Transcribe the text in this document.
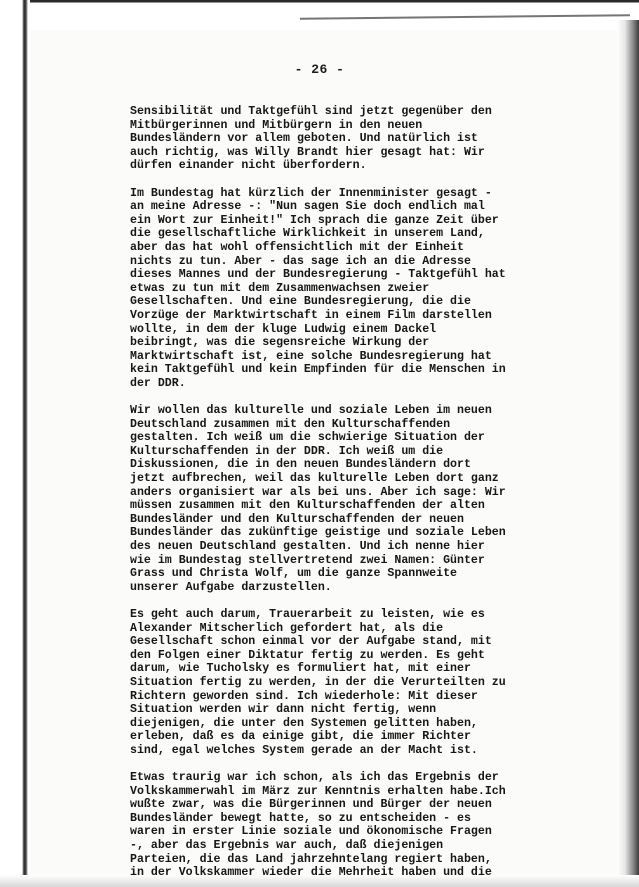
- 26 -
Sensibilität und Taktgefühl sind jetzt gegenüber den
Mitbürgerinnen und Mitbürgern in den neuen
Bundesländern vor allem geboten. Und natürlich ist
auch richtig, was Willy Brandt hier gesagt hat: Wir
dürfen einander nicht überfordern.
Im Bundestag hat kürzlich der Innenminister gesagt -
an meine Adresse -: "Nun sagen Sie doch endlich mal
ein Wort zur Einheit!" Ich sprach die ganze Zeit über
die gesellschaftliche Wirklichkeit in unserem Land,
aber das hat wohl offensichtlich mit der Einheit
nichts zu tun. Aber - das sage ich an die Adresse
dieses Mannes und der Bundesregierung - Taktgefühl hat
etwas zu tun mit dem Zusammenwachsen zweier
Gesellschaften. Und eine Bundesregierung, die die
Vorzüge der Marktwirtschaft in einem Film darstellen
wollte, in dem der kluge Ludwig einem Dackel
beibringt, was die segensreiche Wirkung der
Marktwirtschaft ist, eine solche Bundesregierung hat
kein Taktgefühl und kein Empfinden für die Menschen in
der DDR.
Wir wollen das kulturelle und soziale Leben im neuen
Deutschland zusammen mit den Kulturschaffenden
gestalten. Ich weiß um die schwierige Situation der
Kulturschaffenden in der DDR. Ich weiß um die
Diskussionen, die in den neuen Bundesländern dort
jetzt aufbrechen, weil das kulturelle Leben dort ganz
anders organisiert war als bei uns. Aber ich sage: Wir
müssen zusammen mit den Kulturschaffenden der alten
Bundesländer und den Kulturschaffenden der neuen
Bundesländer das zukünftige geistige und soziale Leben
des neuen Deutschland gestalten. Und ich nenne hier
wie im Bundestag stellvertretend zwei Namen: Günter
Grass und Christa Wolf, um die ganze Spannweite
unserer Aufgabe darzustellen.
Es geht auch darum, Trauerarbeit zu leisten, wie es
Alexander Mitscherlich gefordert hat, als die
Gesellschaft schon einmal vor der Aufgabe stand, mit
den Folgen einer Diktatur fertig zu werden. Es geht
darum, wie Tucholsky es formuliert hat, mit einer
Situation fertig zu werden, in der die Verurteilten zu
Richtern geworden sind. Ich wiederhole: Mit dieser
Situation werden wir dann nicht fertig, wenn
diejenigen, die unter den Systemen gelitten haben,
erleben, daß es da einige gibt, die immer Richter
sind, egal welches System gerade an der Macht ist.
Etwas traurig war ich schon, als ich das Ergebnis der
Volkskammerwahl im März zur Kenntnis erhalten habe.Ich
wußte zwar, was die Bürgerinnen und Bürger der neuen
Bundesländer bewegt hatte, so zu entscheiden - es
waren in erster Linie soziale und ökonomische Fragen
-, aber das Ergebnis war auch, daß diejenigen
Parteien, die das Land jahrzehntelang regiert haben,
in der Volkskammer wieder die Mehrheit haben und die
